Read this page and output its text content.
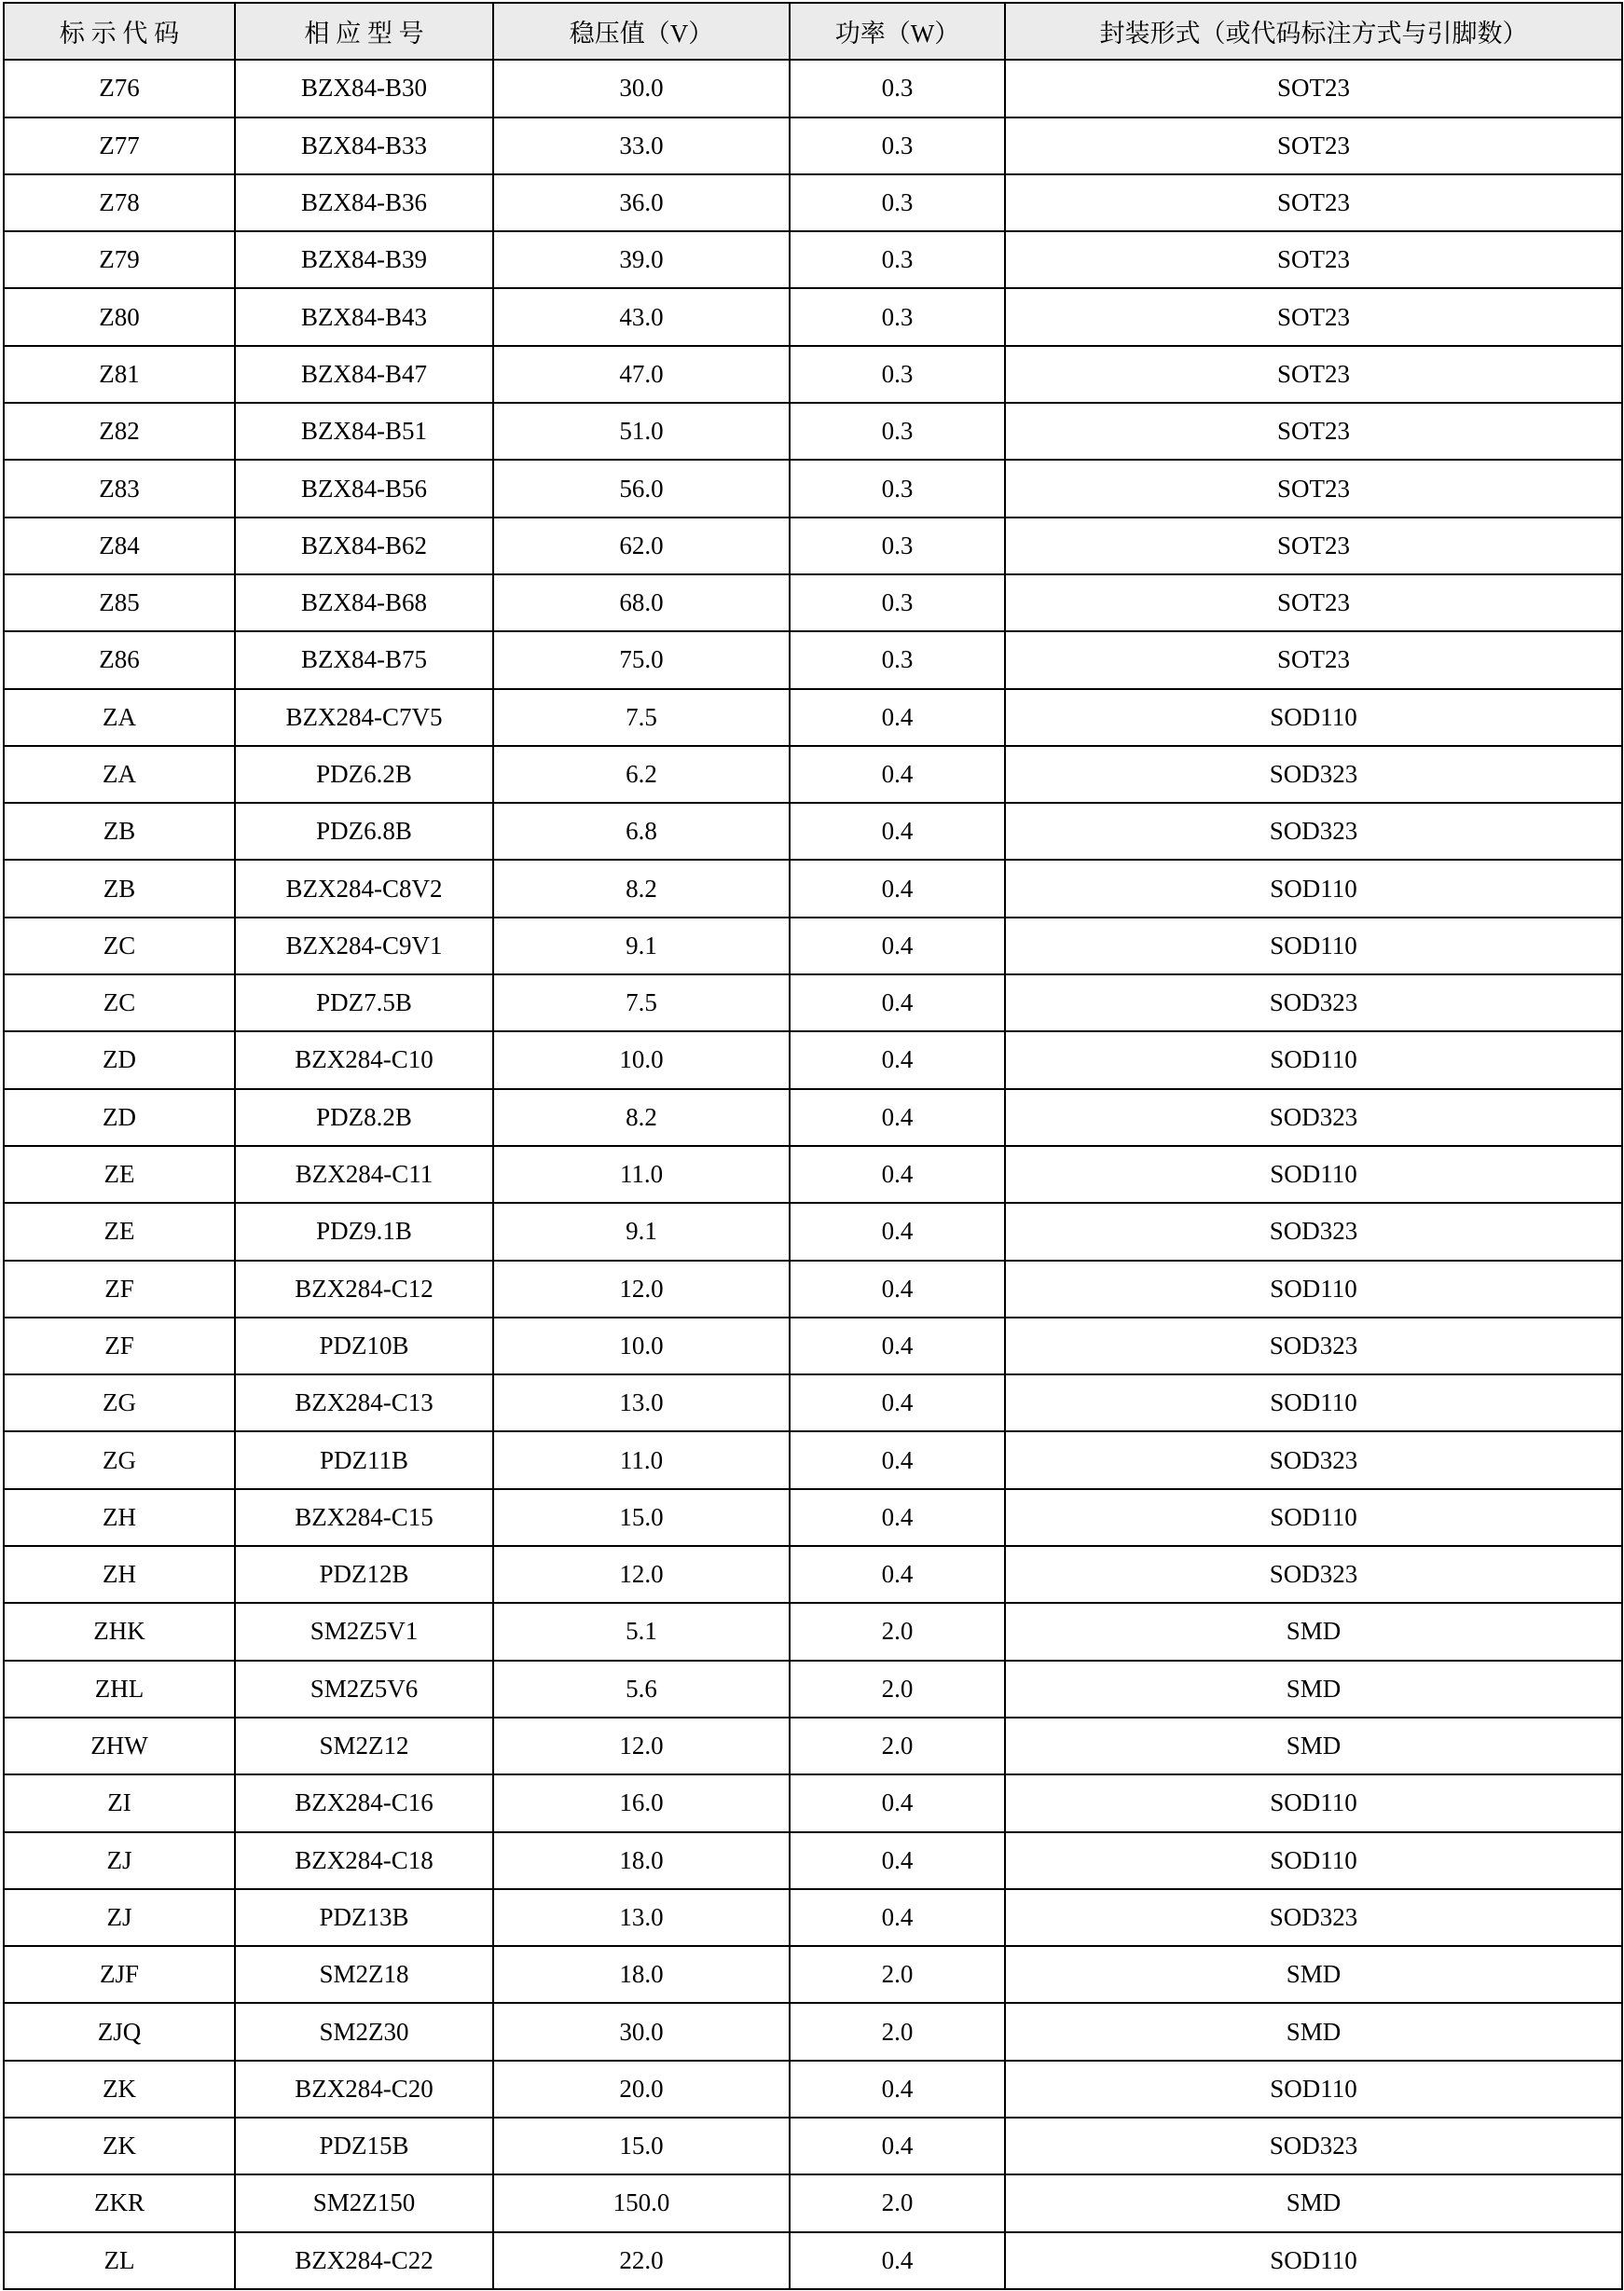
标 示 代 码	相 应 型 号	稳压值（V）	功率（W）	封装形式（或代码标注方式与引脚数）
Z76	BZX84-B30	30.0	0.3	SOT23
Z77	BZX84-B33	33.0	0.3	SOT23
Z78	BZX84-B36	36.0	0.3	SOT23
Z79	BZX84-B39	39.0	0.3	SOT23
Z80	BZX84-B43	43.0	0.3	SOT23
Z81	BZX84-B47	47.0	0.3	SOT23
Z82	BZX84-B51	51.0	0.3	SOT23
Z83	BZX84-B56	56.0	0.3	SOT23
Z84	BZX84-B62	62.0	0.3	SOT23
Z85	BZX84-B68	68.0	0.3	SOT23
Z86	BZX84-B75	75.0	0.3	SOT23
ZA	BZX284-C7V5	7.5	0.4	SOD110
ZA	PDZ6.2B	6.2	0.4	SOD323
ZB	PDZ6.8B	6.8	0.4	SOD323
ZB	BZX284-C8V2	8.2	0.4	SOD110
ZC	BZX284-C9V1	9.1	0.4	SOD110
ZC	PDZ7.5B	7.5	0.4	SOD323
ZD	BZX284-C10	10.0	0.4	SOD110
ZD	PDZ8.2B	8.2	0.4	SOD323
ZE	BZX284-C11	11.0	0.4	SOD110
ZE	PDZ9.1B	9.1	0.4	SOD323
ZF	BZX284-C12	12.0	0.4	SOD110
ZF	PDZ10B	10.0	0.4	SOD323
ZG	BZX284-C13	13.0	0.4	SOD110
ZG	PDZ11B	11.0	0.4	SOD323
ZH	BZX284-C15	15.0	0.4	SOD110
ZH	PDZ12B	12.0	0.4	SOD323
ZHK	SM2Z5V1	5.1	2.0	SMD
ZHL	SM2Z5V6	5.6	2.0	SMD
ZHW	SM2Z12	12.0	2.0	SMD
ZI	BZX284-C16	16.0	0.4	SOD110
ZJ	BZX284-C18	18.0	0.4	SOD110
ZJ	PDZ13B	13.0	0.4	SOD323
ZJF	SM2Z18	18.0	2.0	SMD
ZJQ	SM2Z30	30.0	2.0	SMD
ZK	BZX284-C20	20.0	0.4	SOD110
ZK	PDZ15B	15.0	0.4	SOD323
ZKR	SM2Z150	150.0	2.0	SMD
ZL	BZX284-C22	22.0	0.4	SOD110
